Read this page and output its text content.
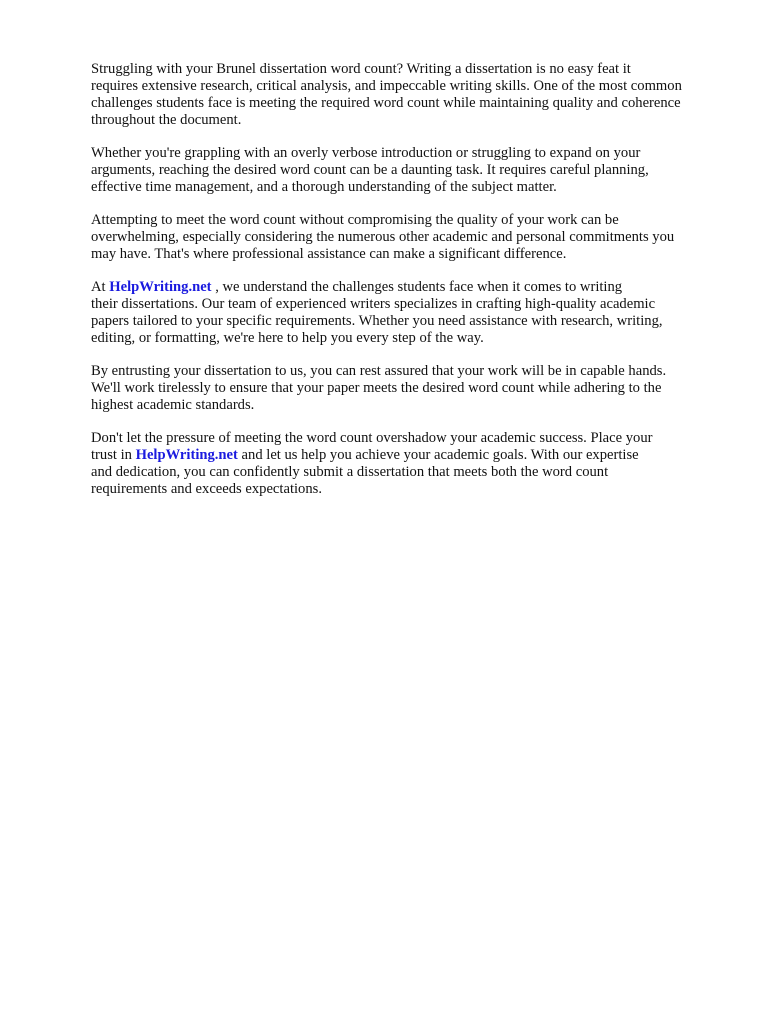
Struggling with your Brunel dissertation word count? Writing a dissertation is no easy feat it
requires extensive research, critical analysis, and impeccable writing skills. One of the most common
challenges students face is meeting the required word count while maintaining quality and coherence
throughout the document.

Whether you're grappling with an overly verbose introduction or struggling to expand on your
arguments, reaching the desired word count can be a daunting task. It requires careful planning,
effective time management, and a thorough understanding of the subject matter.

Attempting to meet the word count without compromising the quality of your work can be
overwhelming, especially considering the numerous other academic and personal commitments you
may have. That's where professional assistance can make a significant difference.

At HelpWriting.net , we understand the challenges students face when it comes to writing
their dissertations. Our team of experienced writers specializes in crafting high-quality academic
papers tailored to your specific requirements. Whether you need assistance with research, writing,
editing, or formatting, we're here to help you every step of the way.

By entrusting your dissertation to us, you can rest assured that your work will be in capable hands.
We'll work tirelessly to ensure that your paper meets the desired word count while adhering to the
highest academic standards.

Don't let the pressure of meeting the word count overshadow your academic success. Place your
trust in HelpWriting.net and let us help you achieve your academic goals. With our expertise
and dedication, you can confidently submit a dissertation that meets both the word count
requirements and exceeds expectations.
